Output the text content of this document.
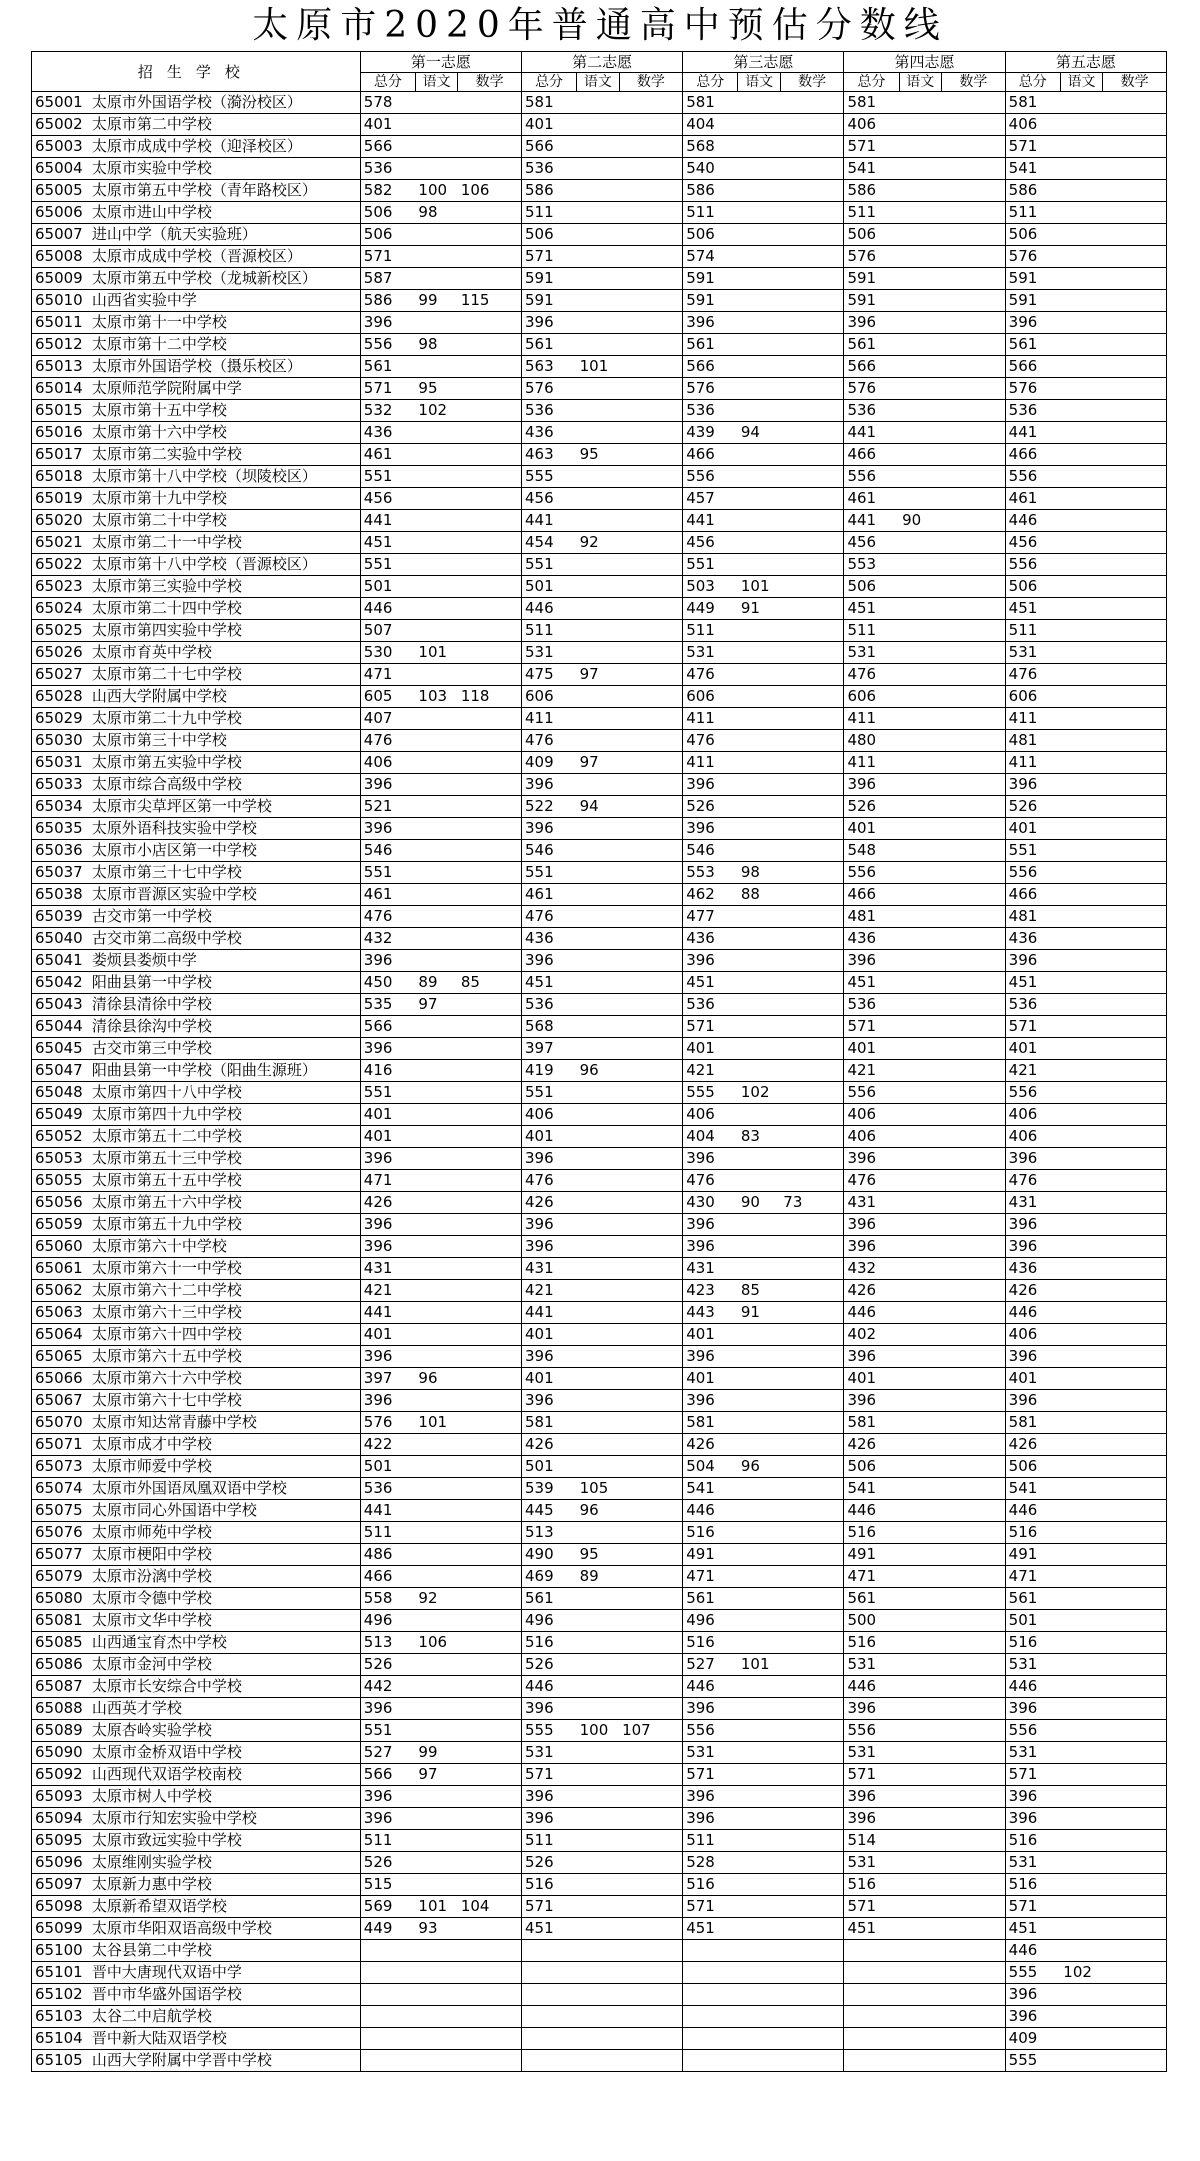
太原市2020年普通高中预估分数线
招生学校		第一志愿			第二志愿			第三志愿			第四志愿			第五志愿		
		总分	语文	数学	总分	语文	数学	总分	语文	数学	总分	语文	数学	总分	语文	数学
65001	太原市外国语学校（漪汾校区）	578			581			581			581			581		
65002	太原市第二中学校	401			401			404			406			406		
65003	太原市成成中学校（迎泽校区）	566			566			568			571			571		
65004	太原市实验中学校	536			536			540			541			541		
65005	太原市第五中学校（青年路校区）	582	100	106	586			586			586			586		
65006	太原市进山中学校	506	98		511			511			511			511		
65007	进山中学（航天实验班）	506			506			506			506			506		
65008	太原市成成中学校（晋源校区）	571			571			574			576			576		
65009	太原市第五中学校（龙城新校区）	587			591			591			591			591		
65010	山西省实验中学	586	99	115	591			591			591			591		
65011	太原市第十一中学校	396			396			396			396			396		
65012	太原市第十二中学校	556	98		561			561			561			561		
65013	太原市外国语学校（摄乐校区）	561			563	101		566			566			566		
65014	太原师范学院附属中学	571	95		576			576			576			576		
65015	太原市第十五中学校	532	102		536			536			536			536		
65016	太原市第十六中学校	436			436			439	94		441			441		
65017	太原市第二实验中学校	461			463	95		466			466			466		
65018	太原市第十八中学校（坝陵校区）	551			555			556			556			556		
65019	太原市第十九中学校	456			456			457			461			461		
65020	太原市第二十中学校	441			441			441			441	90		446		
65021	太原市第二十一中学校	451			454	92		456			456			456		
65022	太原市第十八中学校（晋源校区）	551			551			551			553			556		
65023	太原市第三实验中学校	501			501			503	101		506			506		
65024	太原市第二十四中学校	446			446			449	91		451			451		
65025	太原市第四实验中学校	507			511			511			511			511		
65026	太原市育英中学校	530	101		531			531			531			531		
65027	太原市第二十七中学校	471			475	97		476			476			476		
65028	山西大学附属中学校	605	103	118	606			606			606			606		
65029	太原市第二十九中学校	407			411			411			411			411		
65030	太原市第三十中学校	476			476			476			480			481		
65031	太原市第五实验中学校	406			409	97		411			411			411		
65033	太原市综合高级中学校	396			396			396			396			396		
65034	太原市尖草坪区第一中学校	521			522	94		526			526			526		
65035	太原外语科技实验中学校	396			396			396			401			401		
65036	太原市小店区第一中学校	546			546			546			548			551		
65037	太原市第三十七中学校	551			551			553	98		556			556		
65038	太原市晋源区实验中学校	461			461			462	88		466			466		
65039	古交市第一中学校	476			476			477			481			481		
65040	古交市第二高级中学校	432			436			436			436			436		
65041	娄烦县娄烦中学	396			396			396			396			396		
65042	阳曲县第一中学校	450	89	85	451			451			451			451		
65043	清徐县清徐中学校	535	97		536			536			536			536		
65044	清徐县徐沟中学校	566			568			571			571			571		
65045	古交市第三中学校	396			397			401			401			401		
65047	阳曲县第一中学校（阳曲生源班）	416			419	96		421			421			421		
65048	太原市第四十八中学校	551			551			555	102		556			556		
65049	太原市第四十九中学校	401			406			406			406			406		
65052	太原市第五十二中学校	401			401			404	83		406			406		
65053	太原市第五十三中学校	396			396			396			396			396		
65055	太原市第五十五中学校	471			476			476			476			476		
65056	太原市第五十六中学校	426			426			430	90	73	431			431		
65059	太原市第五十九中学校	396			396			396			396			396		
65060	太原市第六十中学校	396			396			396			396			396		
65061	太原市第六十一中学校	431			431			431			432			436		
65062	太原市第六十二中学校	421			421			423	85		426			426		
65063	太原市第六十三中学校	441			441			443	91		446			446		
65064	太原市第六十四中学校	401			401			401			402			406		
65065	太原市第六十五中学校	396			396			396			396			396		
65066	太原市第六十六中学校	397	96		401			401			401			401		
65067	太原市第六十七中学校	396			396			396			396			396		
65070	太原市知达常青藤中学校	576	101		581			581			581			581		
65071	太原市成才中学校	422			426			426			426			426		
65073	太原市师爱中学校	501			501			504	96		506			506		
65074	太原市外国语凤凰双语中学校	536			539	105		541			541			541		
65075	太原市同心外国语中学校	441			445	96		446			446			446		
65076	太原市师苑中学校	511			513			516			516			516		
65077	太原市梗阳中学校	486			490	95		491			491			491		
65079	太原市汾漓中学校	466			469	89		471			471			471		
65080	太原市令德中学校	558	92		561			561			561			561		
65081	太原市文华中学校	496			496			496			500			501		
65085	山西通宝育杰中学校	513	106		516			516			516			516		
65086	太原市金河中学校	526			526			527	101		531			531		
65087	太原市长安综合中学校	442			446			446			446			446		
65088	山西英才学校	396			396			396			396			396		
65089	太原杏岭实验学校	551			555	100	107	556			556			556		
65090	太原市金桥双语中学校	527	99		531			531			531			531		
65092	山西现代双语学校南校	566	97		571			571			571			571		
65093	太原市树人中学校	396			396			396			396			396		
65094	太原市行知宏实验中学校	396			396			396			396			396		
65095	太原市致远实验中学校	511			511			511			514			516		
65096	太原维刚实验学校	526			526			528			531			531		
65097	太原新力惠中学校	515			516			516			516			516		
65098	太原新希望双语学校	569	101	104	571			571			571			571		
65099	太原市华阳双语高级中学校	449	93		451			451			451			451		
65100	太谷县第二中学校													446		
65101	晋中大唐现代双语中学													555	102	
65102	晋中市华盛外国语学校													396		
65103	太谷二中启航学校													396		
65104	晋中新大陆双语学校													409		
65105	山西大学附属中学晋中学校													555		
